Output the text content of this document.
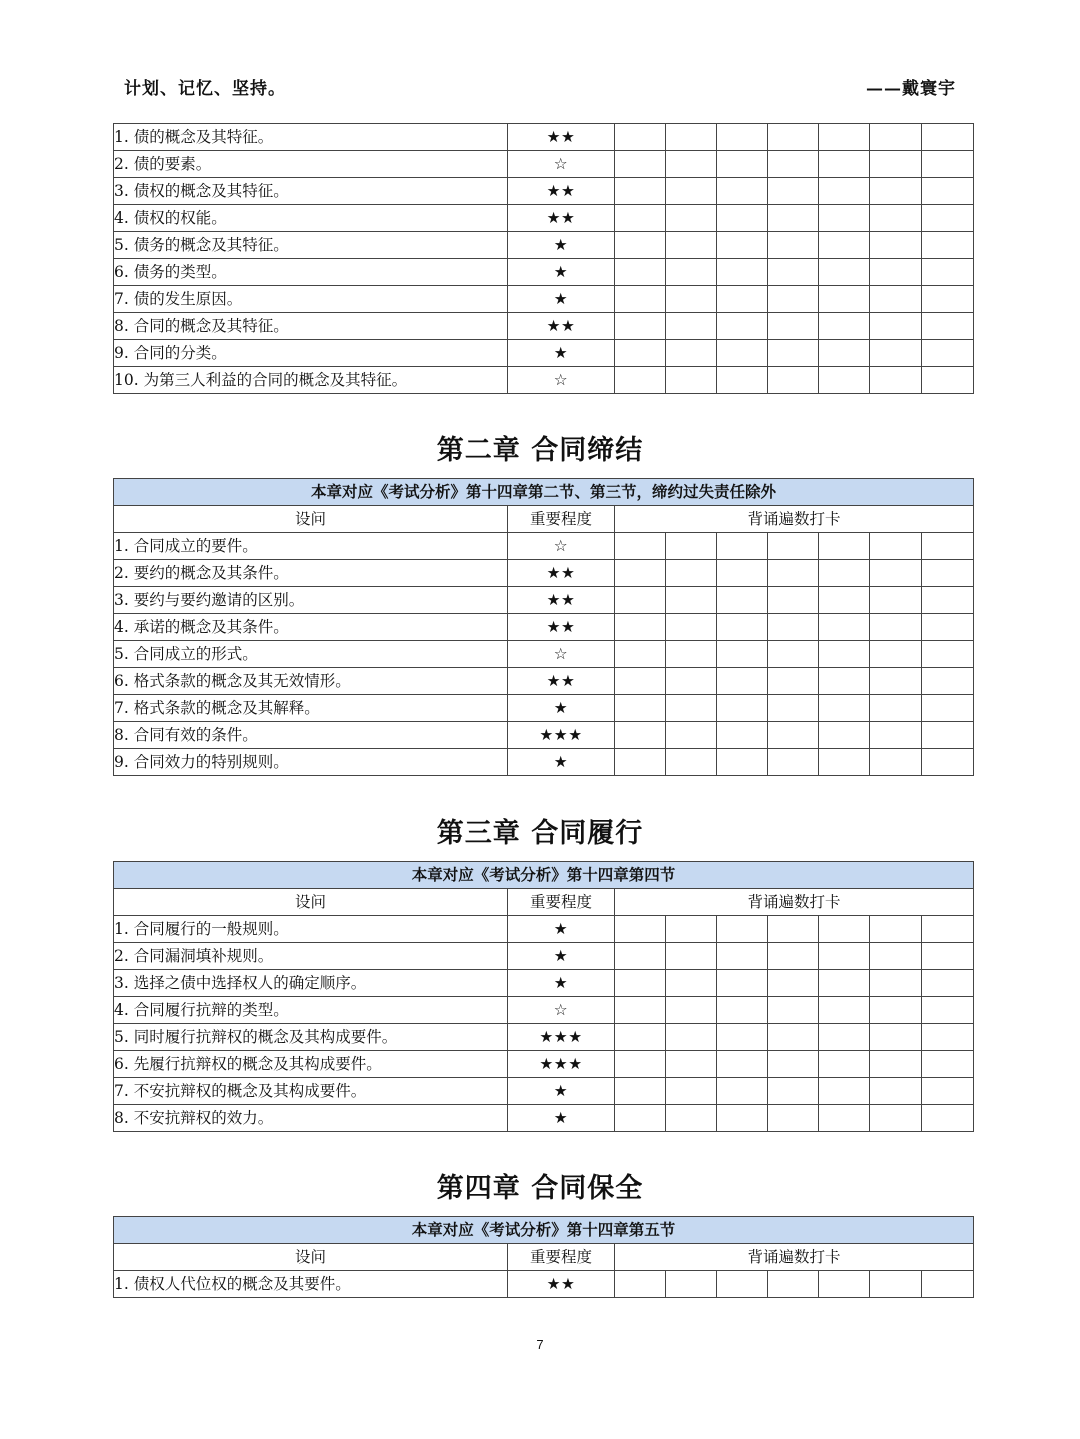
计划、记忆、坚持。	——戴寰宇
1. 债的概念及其特征。	★★							
2. 债的要素。	☆							
3. 债权的概念及其特征。	★★							
4. 债权的权能。	★★							
5. 债务的概念及其特征。	★							
6. 债务的类型。	★							
7. 债的发生原因。	★							
8. 合同的概念及其特征。	★★							
9. 合同的分类。	★							
10. 为第三人利益的合同的概念及其特征。	☆							
第二章 合同缔结
本章对应《考试分析》第十四章第二节、第三节，缔约过失责任除外								
设问	重要程度	背诵遍数打卡						
1. 合同成立的要件。	☆							
2. 要约的概念及其条件。	★★							
3. 要约与要约邀请的区别。	★★							
4. 承诺的概念及其条件。	★★							
5. 合同成立的形式。	☆							
6. 格式条款的概念及其无效情形。	★★							
7. 格式条款的概念及其解释。	★							
8. 合同有效的条件。	★★★							
9. 合同效力的特别规则。	★							
第三章 合同履行
本章对应《考试分析》第十四章第四节								
设问	重要程度	背诵遍数打卡						
1. 合同履行的一般规则。	★							
2. 合同漏洞填补规则。	★							
3. 选择之债中选择权人的确定顺序。	★							
4. 合同履行抗辩的类型。	☆							
5. 同时履行抗辩权的概念及其构成要件。	★★★							
6. 先履行抗辩权的概念及其构成要件。	★★★							
7. 不安抗辩权的概念及其构成要件。	★							
8. 不安抗辩权的效力。	★							
第四章 合同保全
本章对应《考试分析》第十四章第五节								
设问	重要程度	背诵遍数打卡						
1. 债权人代位权的概念及其要件。	★★							
7
